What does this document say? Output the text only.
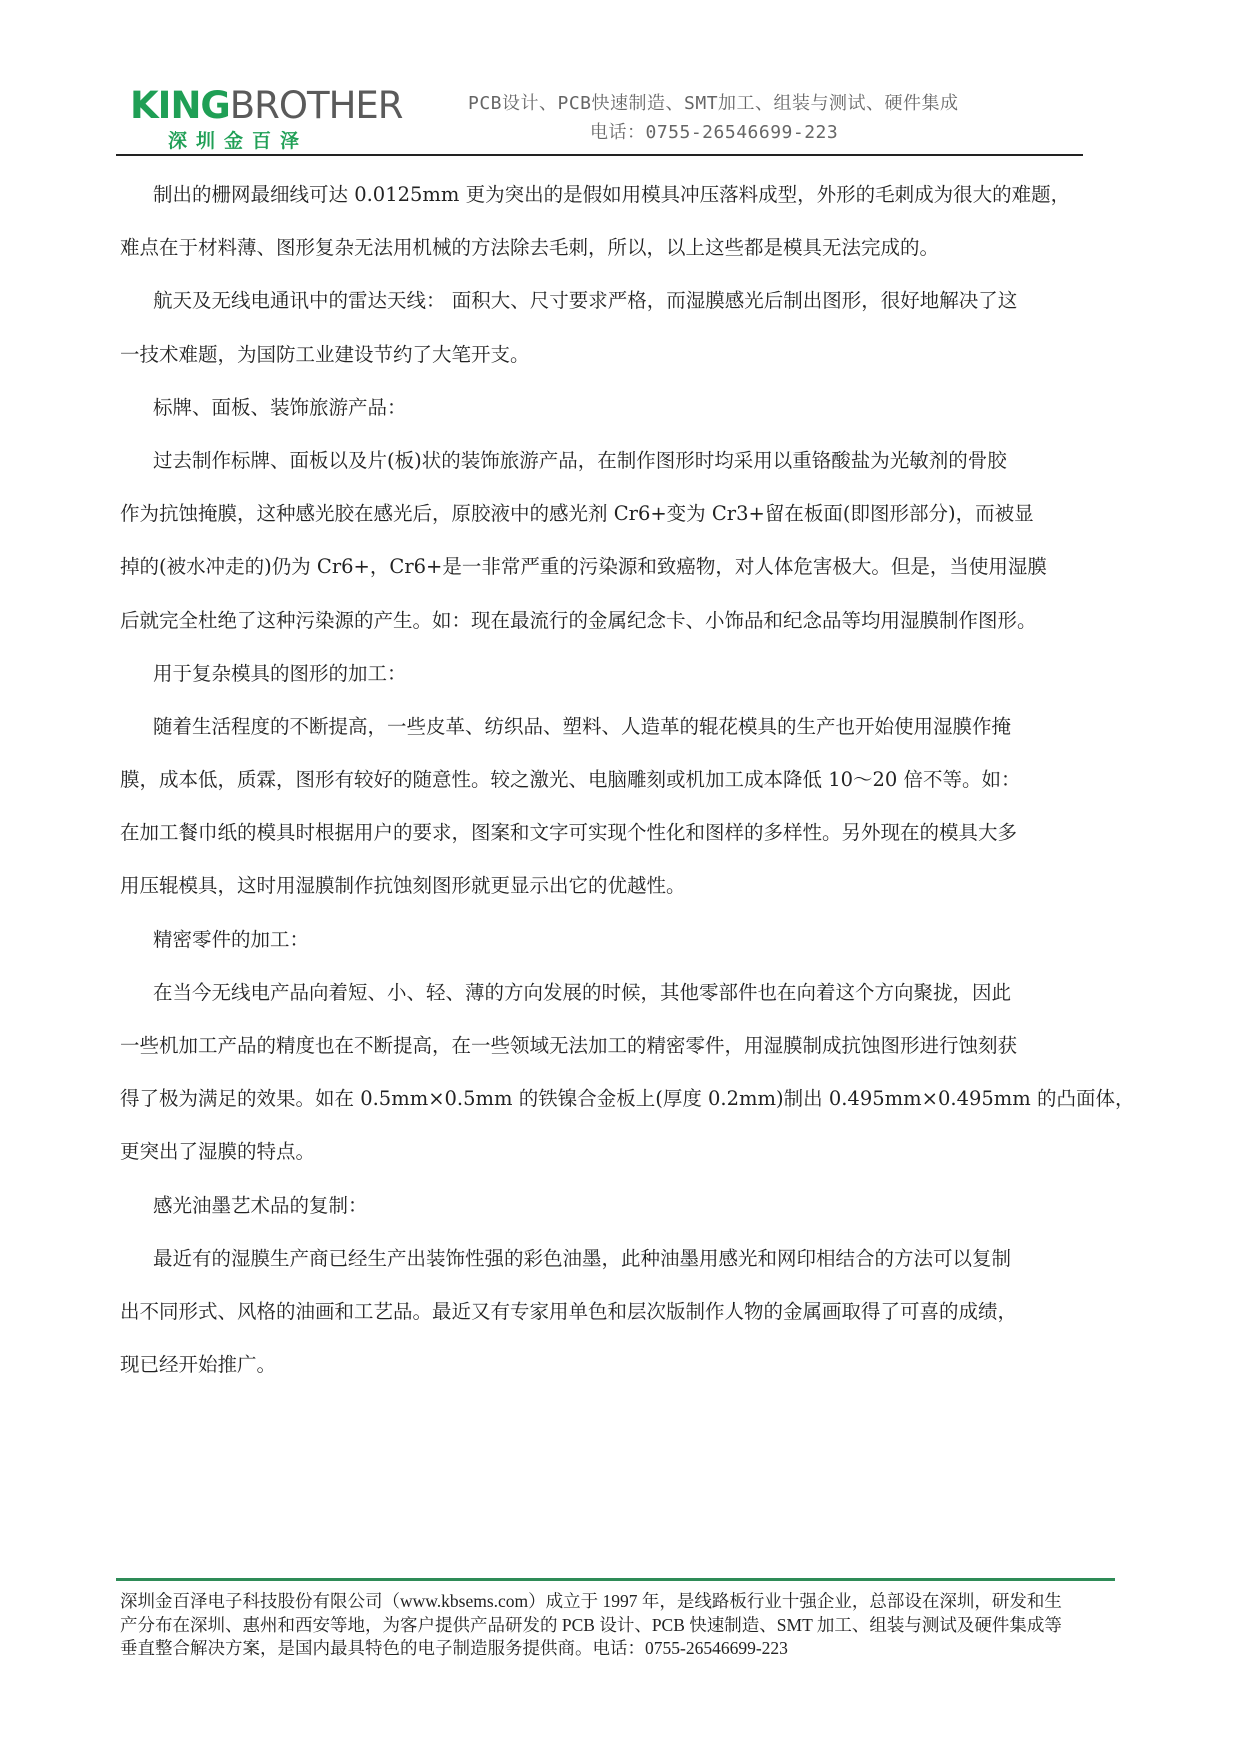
KINGBROTHER
深圳金百泽
PCB设计、PCB快速制造、SMT加工、组装与测试、硬件集成
电话：0755-26546699-223
制出的栅网最细线可达 0.0125mm 更为突出的是假如用模具冲压落料成型，外形的毛刺成为很大的难题，
难点在于材料薄、图形复杂无法用机械的方法除去毛刺，所以，以上这些都是模具无法完成的。
航天及无线电通讯中的雷达天线： 面积大、尺寸要求严格，而湿膜感光后制出图形，很好地解决了这
一技术难题，为国防工业建设节约了大笔开支。
标牌、面板、装饰旅游产品：
过去制作标牌、面板以及片(板)状的装饰旅游产品，在制作图形时均采用以重铬酸盐为光敏剂的骨胶
作为抗蚀掩膜，这种感光胶在感光后，原胶液中的感光剂 Cr6+变为 Cr3+留在板面(即图形部分)，而被显
掉的(被水冲走的)仍为 Cr6+，Cr6+是一非常严重的污染源和致癌物，对人体危害极大。但是，当使用湿膜
后就完全杜绝了这种污染源的产生。如：现在最流行的金属纪念卡、小饰品和纪念品等均用湿膜制作图形。
用于复杂模具的图形的加工：
随着生活程度的不断提高，一些皮革、纺织品、塑料、人造革的辊花模具的生产也开始使用湿膜作掩
膜，成本低，质霖，图形有较好的随意性。较之激光、电脑雕刻或机加工成本降低 10～20 倍不等。如：
在加工餐巾纸的模具时根据用户的要求，图案和文字可实现个性化和图样的多样性。另外现在的模具大多
用压辊模具，这时用湿膜制作抗蚀刻图形就更显示出它的优越性。
精密零件的加工：
在当今无线电产品向着短、小、轻、薄的方向发展的时候，其他零部件也在向着这个方向聚拢，因此
一些机加工产品的精度也在不断提高，在一些领域无法加工的精密零件，用湿膜制成抗蚀图形进行蚀刻获
得了极为满足的效果。如在 0.5mm×0.5mm 的铁镍合金板上(厚度 0.2mm)制出 0.495mm×0.495mm 的凸面体，
更突出了湿膜的特点。
感光油墨艺术品的复制：
最近有的湿膜生产商已经生产出装饰性强的彩色油墨，此种油墨用感光和网印相结合的方法可以复制
出不同形式、风格的油画和工艺品。最近又有专家用单色和层次版制作人物的金属画取得了可喜的成绩，
现已经开始推广。
深圳金百泽电子科技股份有限公司（www.kbsems.com）成立于 1997 年，是线路板行业十强企业，总部设在深圳，研发和生
产分布在深圳、惠州和西安等地，为客户提供产品研发的 PCB 设计、PCB 快速制造、SMT 加工、组装与测试及硬件集成等
垂直整合解决方案，是国内最具特色的电子制造服务提供商。电话：0755-26546699-223
